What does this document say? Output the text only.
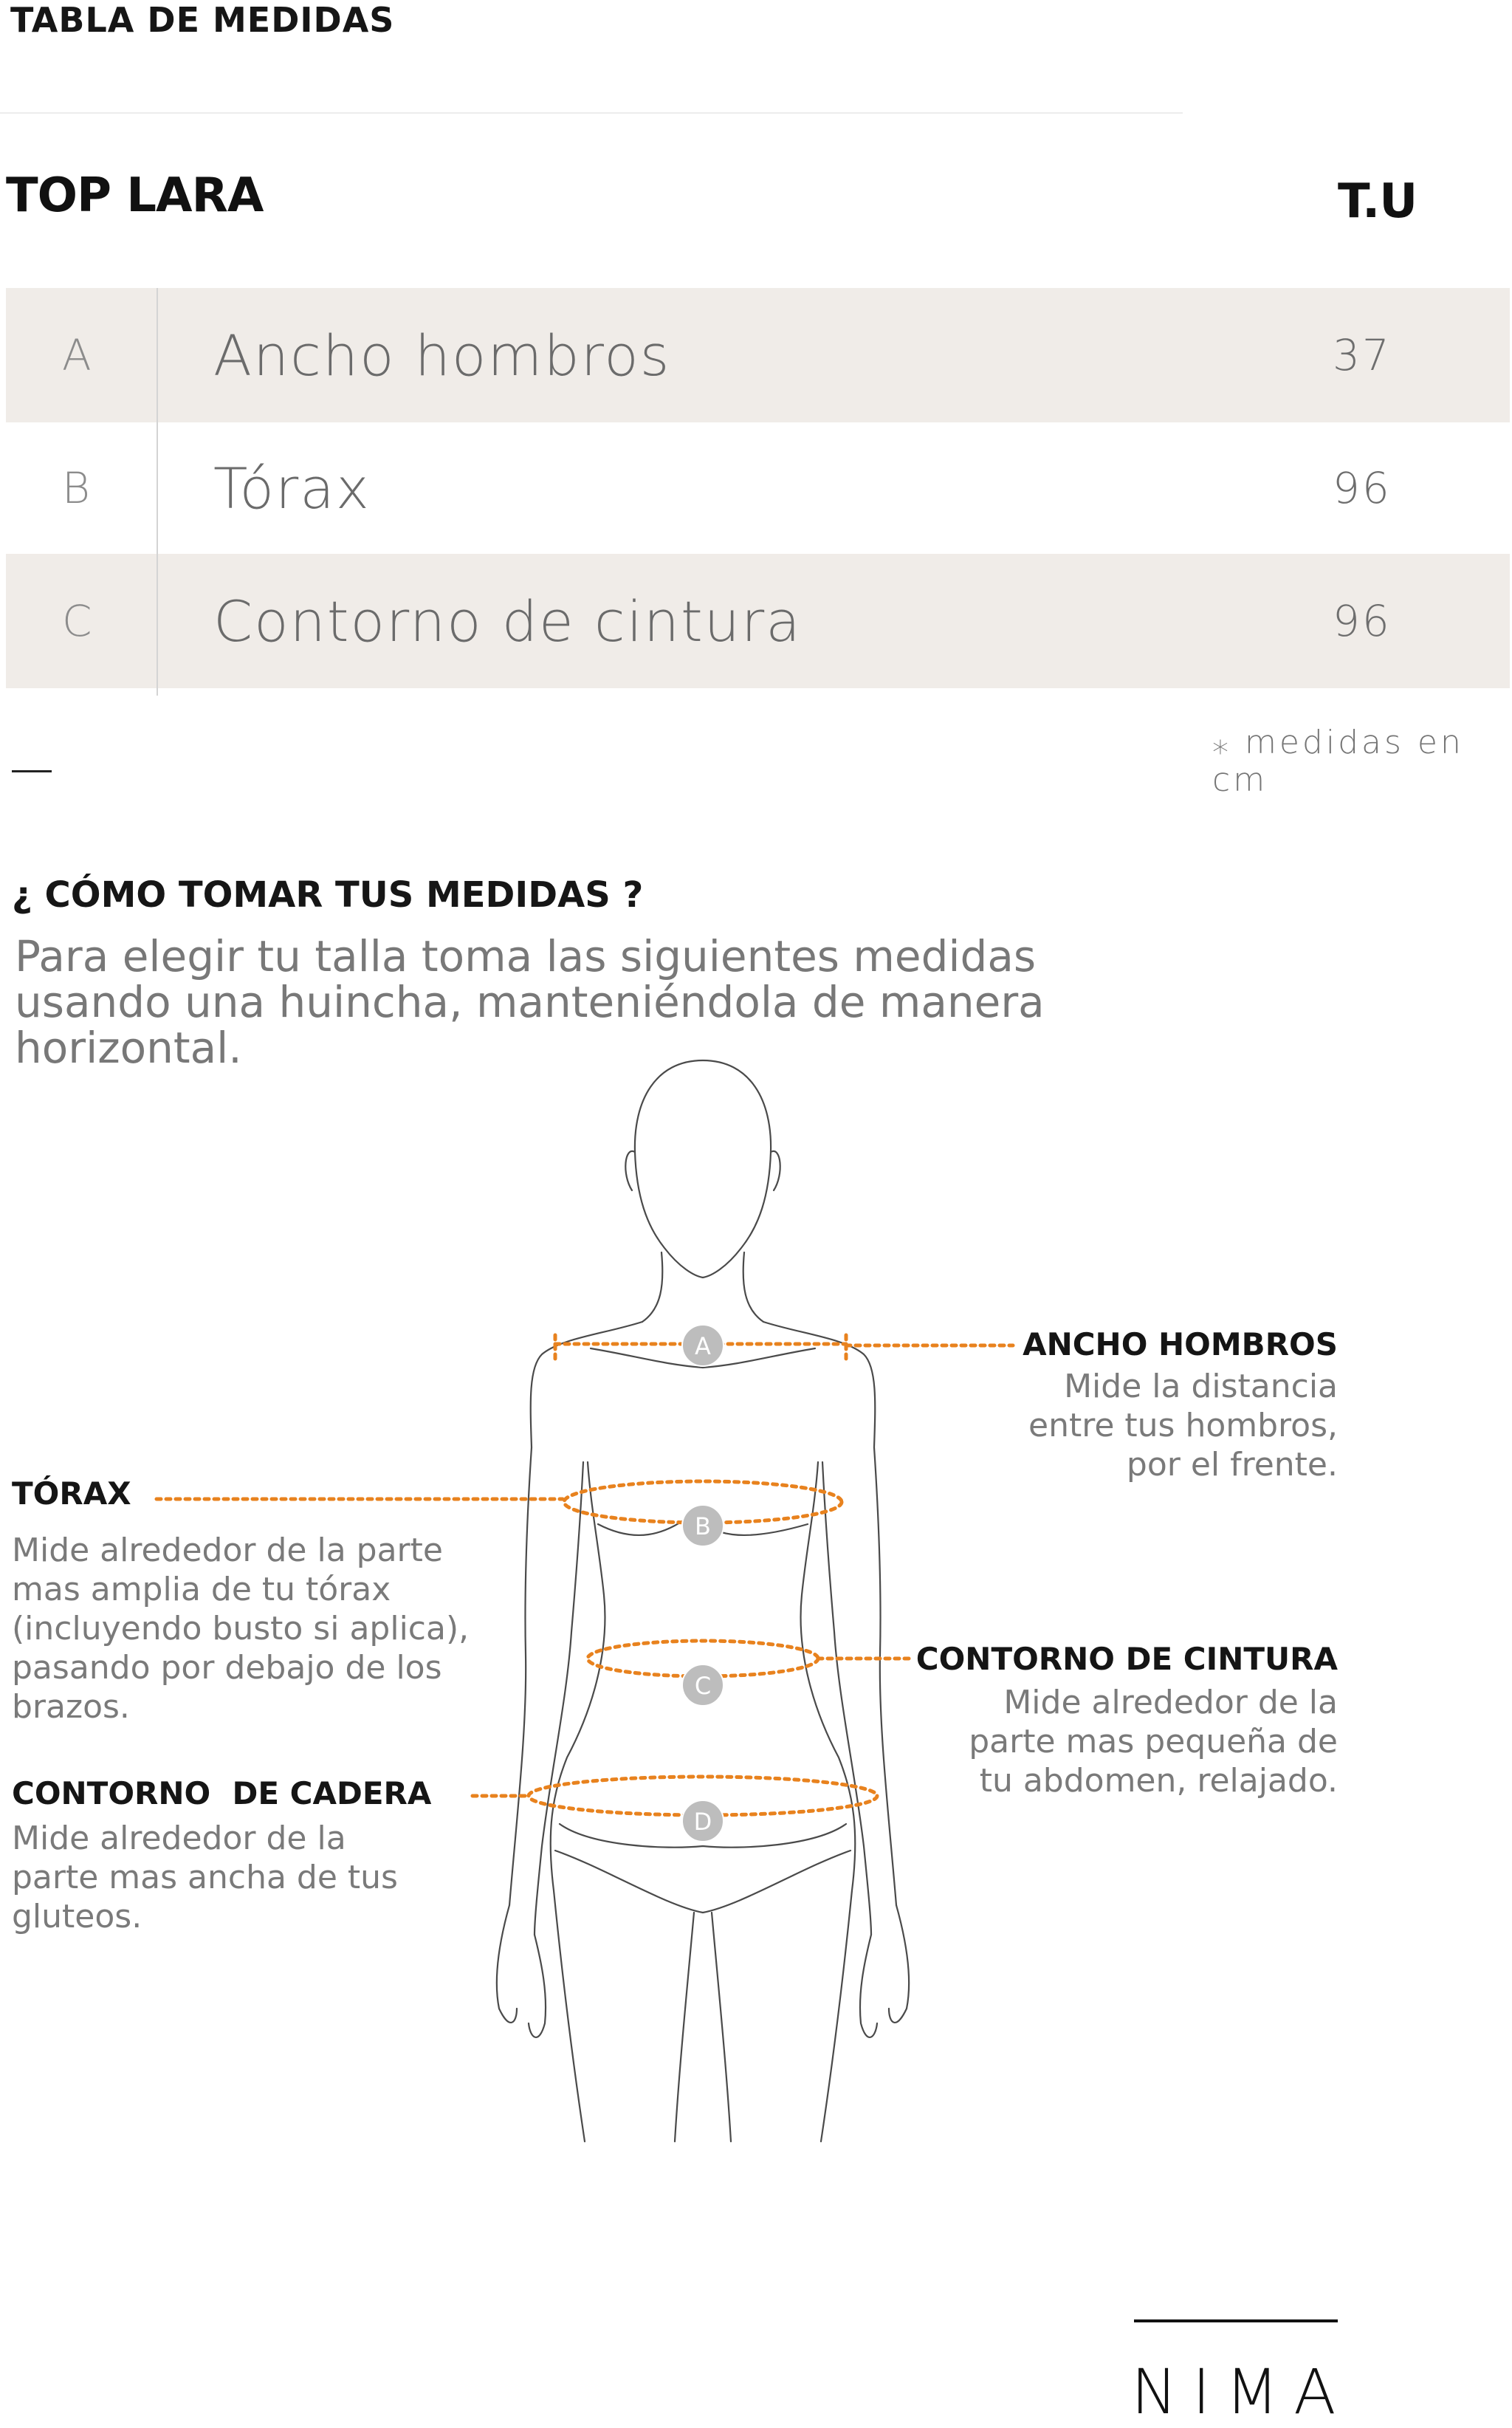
TABLA DE MEDIDAS
TOP LARA	T.U
A	Ancho hombros	37
B	Tórax	96
C	Contorno de cintura	96
⁎ medidas en cm
¿ CÓMO TOMAR TUS MEDIDAS ?
Para elegir tu talla toma las siguientes medidas usando una huincha, manteniéndola de manera horizontal.
A
B
C
D
ANCHO HOMBROS
Mide la distancia
entre tus hombros,
por el frente.
TÓRAX
Mide alrededor de la parte
mas amplia de tu tórax
(incluyendo busto si aplica),
pasando por debajo de los
brazos.
CONTORNO DE CINTURA
Mide alrededor de la
parte mas pequeña de
tu abdomen, relajado.
CONTORNO  DE CADERA
Mide alrededor de la
parte mas ancha de tus
gluteos.
NIMA
